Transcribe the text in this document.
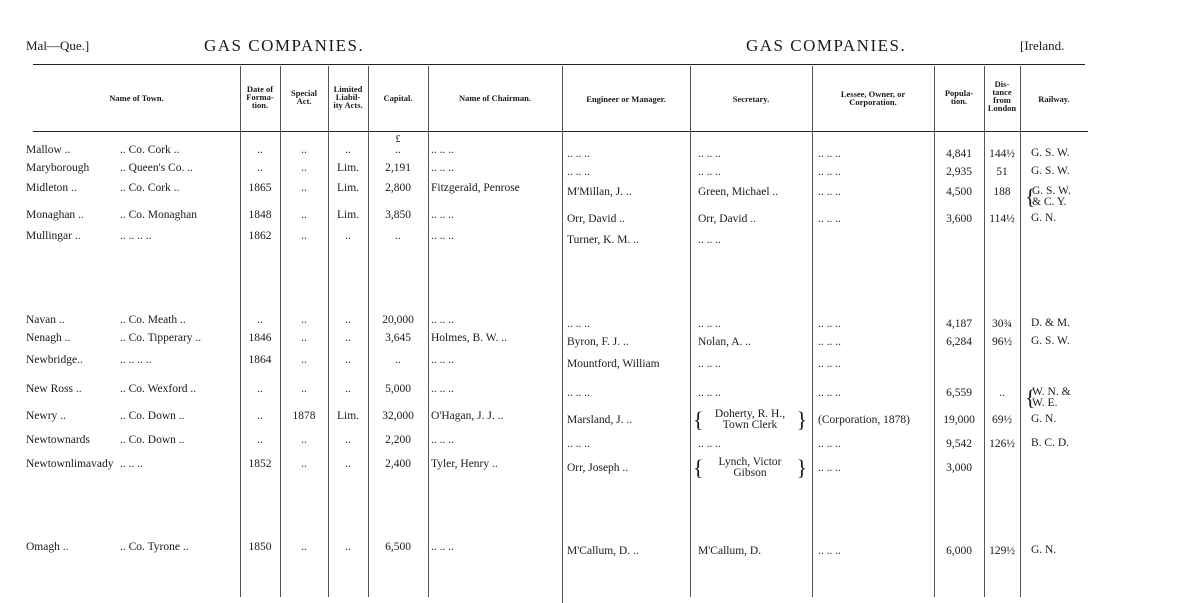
Mal—Que.]	GAS COMPANIES.	GAS COMPANIES.	[Ireland.
Name of Town.
Date of
Forma-
tion.
Special
Act.
Limited
Liabil-
ity Acts.
Capital.	Name of Chairman.	Engineer or Manager.	Secretary.	Lessee, Owner, or
Corporation.
Popula-
tion.
Dis-
tance
from
London
Railway.
£
Mallow ..	.. Co. Cork ..	..	..	..	..	.. .. ..	.. .. ..	.. .. ..	.. .. ..	4,841	144½	G. S. W.
Maryborough	.. Queen's Co. ..	..	..	Lim.	2,191	.. .. ..	.. .. ..	.. .. ..	.. .. ..	2,935	51	G. S. W.
Midleton ..	.. Co. Cork ..	1865	..	Lim.	2,800	Fitzgerald, Penrose	M'Millan, J. ..	Green, Michael ..	.. .. ..	4,500	188	{ G. S. W.
& C. Y.
Monaghan ..	.. Co. Monaghan	1848	..	Lim.	3,850	.. .. ..	Orr, David ..	Orr, David ..	.. .. ..	3,600	114½	G. N.
Mullingar ..	.. .. .. ..	1862	..	..	..	.. .. ..	Turner, K. M. ..	.. .. ..
Navan ..	.. Co. Meath ..	..	..	..	20,000	.. .. ..	.. .. ..	.. .. ..	.. .. ..	4,187	30¾	D. & M.
Nenagh ..	.. Co. Tipperary ..	1846	..	..	3,645	Holmes, B. W. ..	Byron, F. J. ..	Nolan, A. ..	.. .. ..	6,284	96½	G. S. W.
Newbridge..	.. .. .. ..	1864	..	..	..	.. .. ..	Mountford, William	.. .. ..	.. .. ..
New Ross ..	.. Co. Wexford ..	..	..	..	5,000	.. .. ..	.. .. ..	.. .. ..	.. .. ..	6,559	..	{ W. N. &
W. E.
Newry ..	.. Co. Down ..	..	1878	Lim.	32,000	O'Hagan, J. J. ..	Marsland, J. ..	{ Doherty, R. H.,
Town Clerk
}	(Corporation, 1878)	19,000	69½	G. N.
Newtownards	.. Co. Down ..	..	..	..	2,200	.. .. ..	.. .. ..	.. .. ..	.. .. ..	9,542	126½	B. C. D.
Newtownlimavady .. .. ..	1852	..	..	2,400	Tyler, Henry ..	Orr, Joseph ..	{ Lynch, Victor
Gibson
}	.. .. ..	3,000
Omagh ..	.. Co. Tyrone ..	1850	..	..	6,500	.. .. ..	M'Callum, D. ..	M'Callum, D.	.. .. ..	6,000	129½	G. N.
